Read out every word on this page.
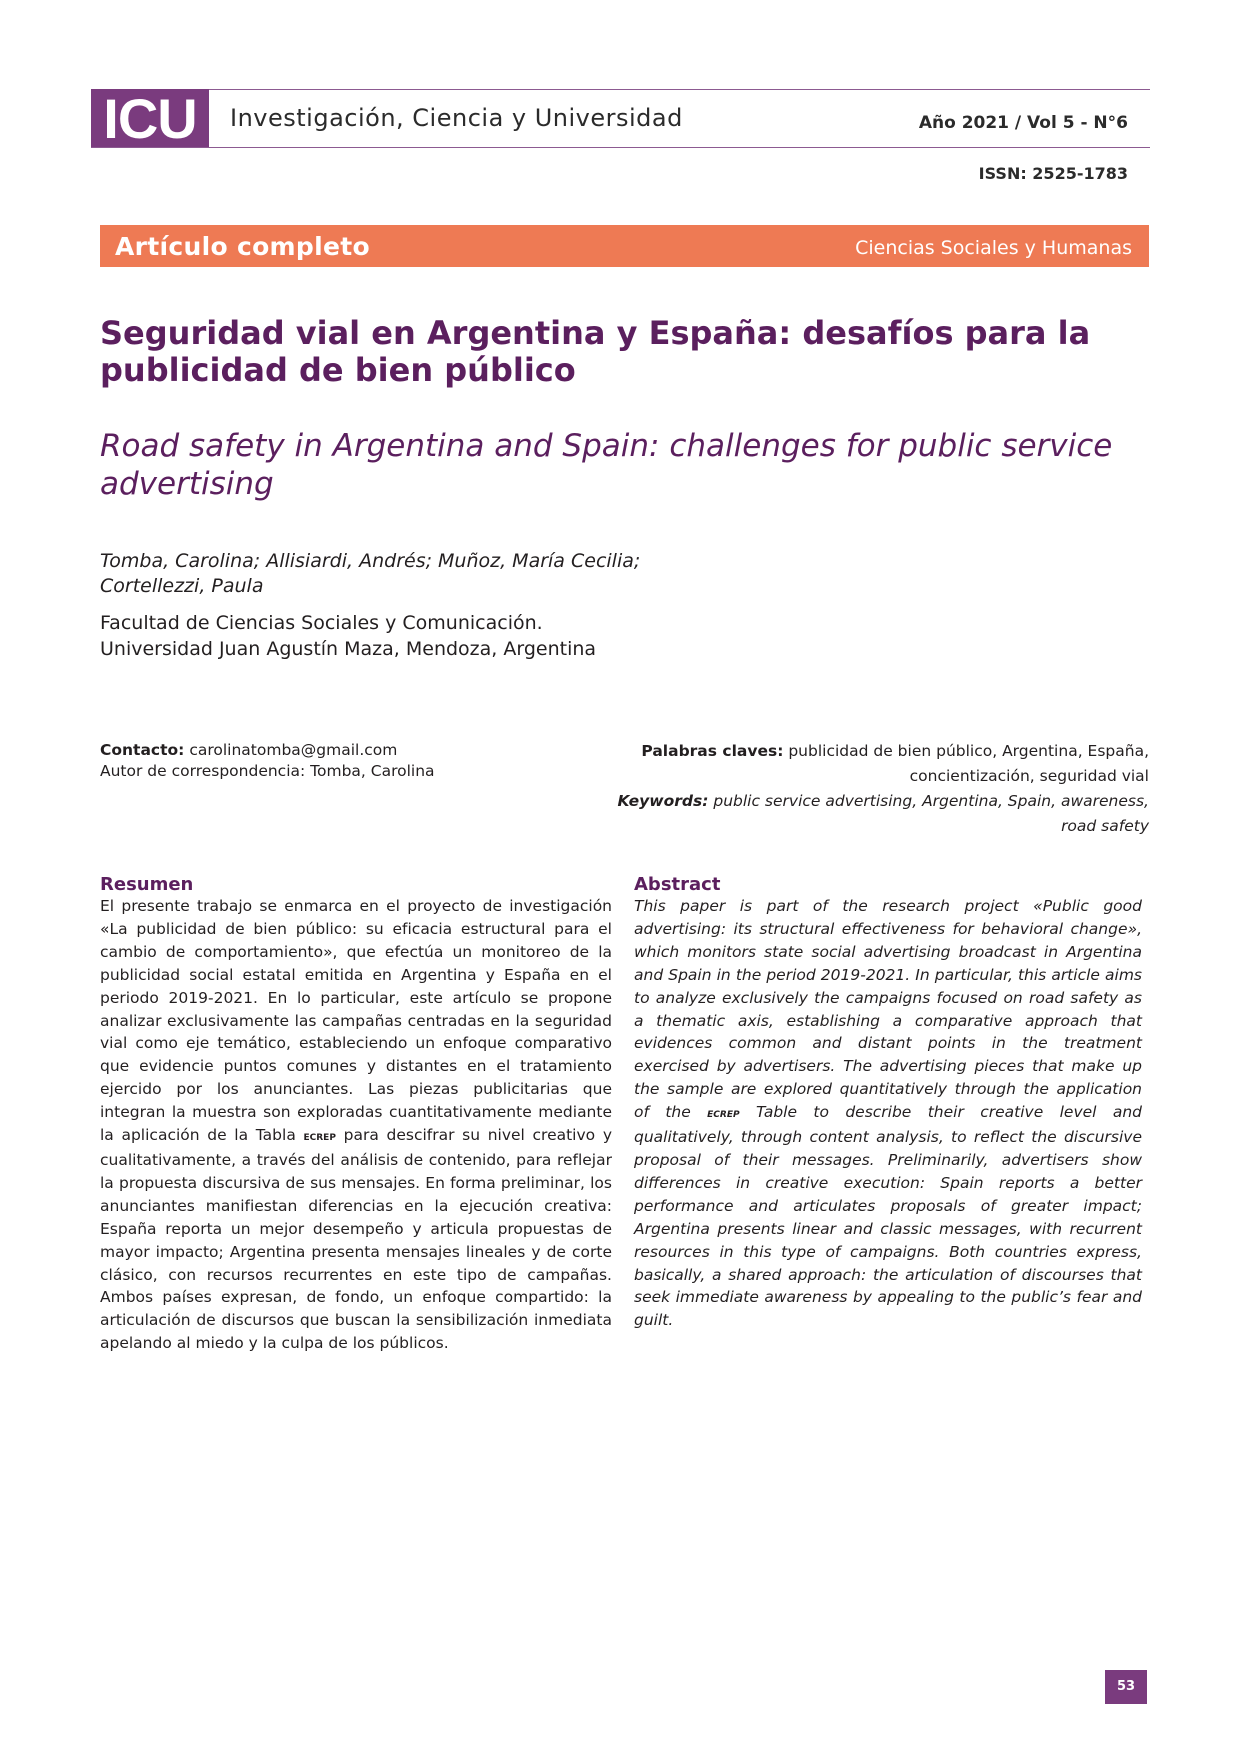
ICU	Investigación, Ciencia y Universidad	Año 2021 / Vol 5 - N°6
ISSN: 2525-1783
Artículo completo	Ciencias Sociales y Humanas
Seguridad vial en Argentina y España: desafíos para la publicidad de bien público
Road safety in Argentina and Spain: challenges for public service advertising
Tomba, Carolina; Allisiardi, Andrés; Muñoz, María Cecilia; Cortellezzi, Paula
Facultad de Ciencias Sociales y Comunicación.
Universidad Juan Agustín Maza, Mendoza, Argentina
Contacto: carolinatomba@gmail.com
Autor de correspondencia: Tomba, Carolina
Palabras claves: publicidad de bien público, Argentina, España, concientización, seguridad vial
Keywords: public service advertising, Argentina, Spain, awareness, road safety
Resumen
El presente trabajo se enmarca en el proyecto de investigación «La publicidad de bien público: su eficacia estructural para el cambio de comportamiento», que efectúa un monitoreo de la publicidad social estatal emitida en Argentina y España en el periodo 2019-2021. En lo particular, este artículo se propone analizar exclusivamente las campañas centradas en la seguridad vial como eje temático, estableciendo un enfoque comparativo que evidencie puntos comunes y distantes en el tratamiento ejercido por los anunciantes. Las piezas publicitarias que integran la muestra son exploradas cuantitativamente mediante la aplicación de la Tabla ecrep para descifrar su nivel creativo y cualitativamente, a través del análisis de contenido, para reflejar la propuesta discursiva de sus mensajes. En forma preliminar, los anunciantes manifiestan diferencias en la ejecución creativa: España reporta un mejor desempeño y articula propuestas de mayor impacto; Argentina presenta mensajes lineales y de corte clásico, con recursos recurrentes en este tipo de campañas. Ambos países expresan, de fondo, un enfoque compartido: la articulación de discursos que buscan la sensibilización inmediata apelando al miedo y la culpa de los públicos.
Abstract
This paper is part of the research project «Public good advertising: its structural effectiveness for behavioral change», which monitors state social advertising broadcast in Argentina and Spain in the period 2019-2021. In particular, this article aims to analyze exclusively the campaigns focused on road safety as a thematic axis, establishing a comparative approach that evidences common and distant points in the treatment exercised by advertisers. The advertising pieces that make up the sample are explored quantitatively through the application of the ecrep Table to describe their creative level and qualitatively, through content analysis, to reflect the discursive proposal of their messages. Preliminarily, advertisers show differences in creative execution: Spain reports a better performance and articulates proposals of greater impact; Argentina presents linear and classic messages, with recurrent resources in this type of campaigns. Both countries express, basically, a shared approach: the articulation of discourses that seek immediate awareness by appealing to the public’s fear and guilt.
53
